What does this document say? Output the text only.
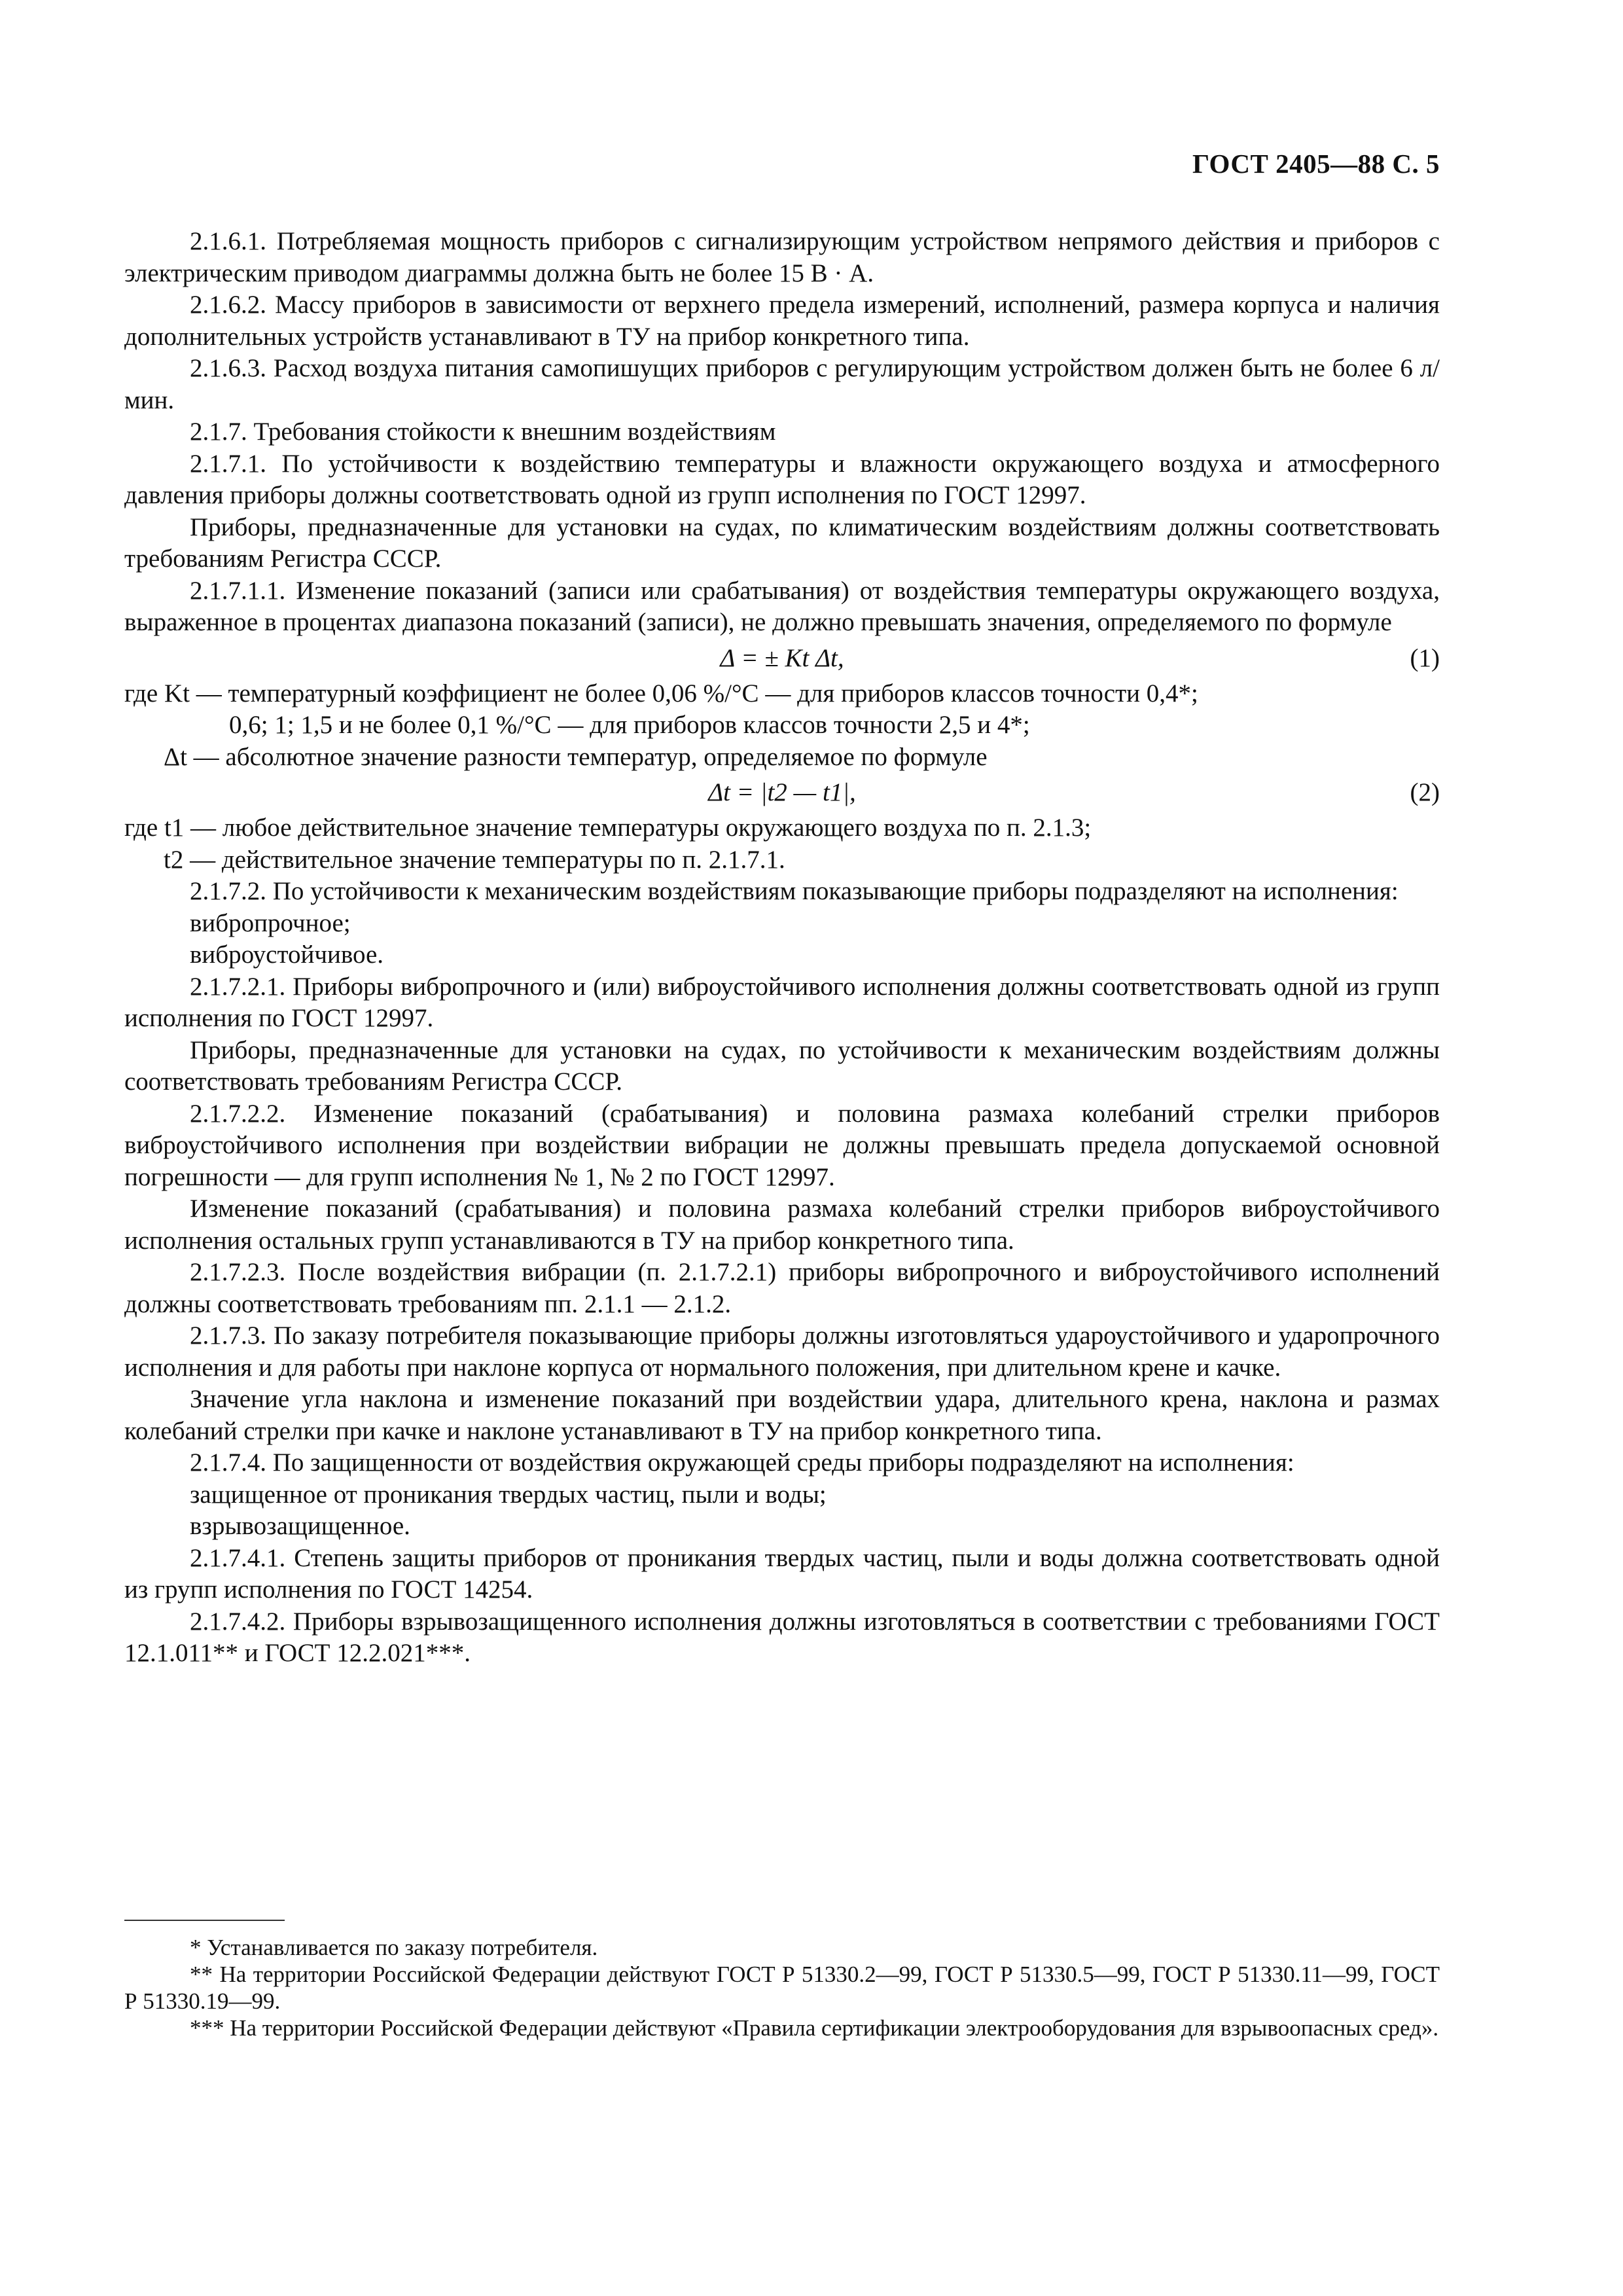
ГОСТ 2405—88 С. 5

2.1.6.1. Потребляемая мощность приборов с сигнализирующим устройством непрямого действия и приборов с электрическим приводом диаграммы должна быть не более 15 В · А.

2.1.6.2. Массу приборов в зависимости от верхнего предела измерений, исполнений, размера корпуса и наличия дополнительных устройств устанавливают в ТУ на прибор конкретного типа.

2.1.6.3. Расход воздуха питания самопишущих приборов с регулирующим устройством должен быть не более 6 л/мин.

2.1.7. Требования стойкости к внешним воздействиям

2.1.7.1. По устойчивости к воздействию температуры и влажности окружающего воздуха и атмосферного давления приборы должны соответствовать одной из групп исполнения по ГОСТ 12997.

Приборы, предназначенные для установки на судах, по климатическим воздействиям должны соответствовать требованиям Регистра СССР.

2.1.7.1.1. Изменение показаний (записи или срабатывания) от воздействия температуры окружающего воздуха, выраженное в процентах диапазона показаний (записи), не должно превышать значения, определяемого по формуле

Δ = ± Kt Δt,	(1)

где Kt — температурный коэффициент не более 0,06 %/°C — для приборов классов точности 0,4*;

0,6; 1; 1,5 и не более 0,1 %/°C — для приборов классов точности 2,5 и 4*;

Δt — абсолютное значение разности температур, определяемое по формуле

Δt = |t2 — t1|,	(2)

где t1 — любое действительное значение температуры окружающего воздуха по п. 2.1.3;

t2 — действительное значение температуры по п. 2.1.7.1.

2.1.7.2. По устойчивости к механическим воздействиям показывающие приборы подразделяют на исполнения:

вибропрочное;

виброустойчивое.

2.1.7.2.1. Приборы вибропрочного и (или) виброустойчивого исполнения должны соответствовать одной из групп исполнения по ГОСТ 12997.

Приборы, предназначенные для установки на судах, по устойчивости к механическим воздействиям должны соответствовать требованиям Регистра СССР.

2.1.7.2.2. Изменение показаний (срабатывания) и половина размаха колебаний стрелки приборов виброустойчивого исполнения при воздействии вибрации не должны превышать предела допускаемой основной погрешности — для групп исполнения № 1, № 2 по ГОСТ 12997.

Изменение показаний (срабатывания) и половина размаха колебаний стрелки приборов виброустойчивого исполнения остальных групп устанавливаются в ТУ на прибор конкретного типа.

2.1.7.2.3. После воздействия вибрации (п. 2.1.7.2.1) приборы вибропрочного и виброустойчивого исполнений должны соответствовать требованиям пп. 2.1.1 — 2.1.2.

2.1.7.3. По заказу потребителя показывающие приборы должны изготовляться удароустойчивого и ударопрочного исполнения и для работы при наклоне корпуса от нормального положения, при длительном крене и качке.

Значение угла наклона и изменение показаний при воздействии удара, длительного крена, наклона и размах колебаний стрелки при качке и наклоне устанавливают в ТУ на прибор конкретного типа.

2.1.7.4. По защищенности от воздействия окружающей среды приборы подразделяют на исполнения:

защищенное от проникания твердых частиц, пыли и воды;

взрывозащищенное.

2.1.7.4.1. Степень защиты приборов от проникания твердых частиц, пыли и воды должна соответствовать одной из групп исполнения по ГОСТ 14254.

2.1.7.4.2. Приборы взрывозащищенного исполнения должны изготовляться в соответствии с требованиями ГОСТ 12.1.011** и ГОСТ 12.2.021***.

* Устанавливается по заказу потребителя.

** На территории Российской Федерации действуют ГОСТ Р 51330.2—99, ГОСТ Р 51330.5—99, ГОСТ Р 51330.11—99, ГОСТ Р 51330.19—99.

*** На территории Российской Федерации действуют «Правила сертификации электрооборудования для взрывоопасных сред».
